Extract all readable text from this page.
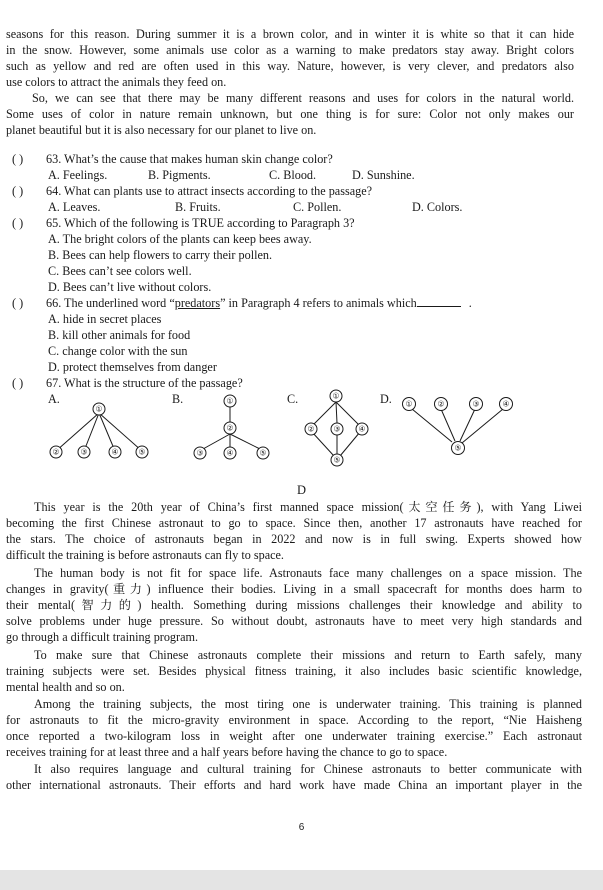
seasons for this reason. During summer it is a brown color, and in winter it is white so that it can hide
in the snow. However, some animals use color as a warning to make predators stay away. Bright colors
such as yellow and red are often used in this way. Nature, however, is very clever, and predators also
use colors to attract the animals they feed on.
So, we can see that there may be many different reasons and uses for colors in the natural world.
Some uses of color in nature remain unknown, but one thing is for sure: Color not only makes our
planet beautiful but it is also necessary for our planet to live on.
( ) 63. What’s the cause that makes human skin change color?
A. Feelings.	B. Pigments.	C. Blood.	D. Sunshine.
( ) 64. What can plants use to attract insects according to the passage?
A. Leaves.	B. Fruits.	C. Pollen.	D. Colors.
( ) 65. Which of the following is TRUE according to Paragraph 3?
A. The bright colors of the plants can keep bees away.
B. Bees can help flowers to carry their pollen.
C. Bees can’t see colors well.
D. Bees can’t live without colors.
( ) 66. The underlined word “predators” in Paragraph 4 refers to animals which	.
A. hide in secret places
B. kill other animals for food
C. change color with the sun
D. protect themselves from danger
( ) 67. What is the structure of the passage?
A.	B.	C.	D.
①
②	③	④ ⑤
①
②
③	④	⑤
①
② ③ ④
⑤
①	②	③	④
⑤
D
This year is the 20th year of China’s first manned space mission(太空任务), with Yang Liwei
becoming the first Chinese astronaut to go to space. Since then, another 17 astronauts have reached for
the stars. The choice of astronauts began in 2022 and now is in full swing. Experts showed how
difficult the training is before astronauts can fly to space.
The human body is not fit for space life. Astronauts face many challenges on a space mission. The
changes in gravity(重力) influence their bodies. Living in a small spacecraft for months does harm to
their mental(智力的) health. Something during missions challenges their knowledge and ability to
solve problems under huge pressure. So without doubt, astronauts have to meet very high standards and
go through a difficult training program.
To make sure that Chinese astronauts complete their missions and return to Earth safely, many
training subjects were set. Besides physical fitness training, it also includes basic scientific knowledge,
mental health and so on.
Among the training subjects, the most tiring one is underwater training. This training is planned
for astronauts to fit the micro-gravity environment in space. According to the report, “Nie Haisheng
once reported a two-kilogram loss in weight after one underwater training exercise.” Each astronaut
receives training for at least three and a half years before having the chance to go to space.
It also requires language and cultural training for Chinese astronauts to better communicate with
other international astronauts. Their efforts and hard work have made China an important player in the
6
